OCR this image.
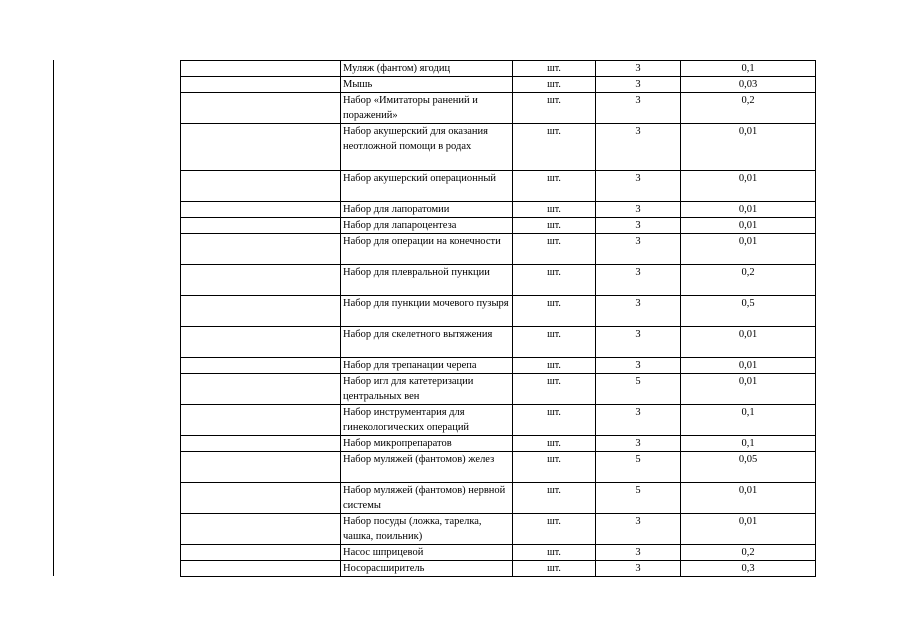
	Муляж (фантом) ягодиц	шт.	3	0,1
	Мышь	шт.	3	0,03
	Набор «Имитаторы ранений и поражений»	шт.	3	0,2
	Набор акушерский для оказания неотложной помощи в родах	шт.	3	0,01
	Набор акушерский операционный	шт.	3	0,01
	Набор для лапоратомии	шт.	3	0,01
	Набор для лапароцентеза	шт.	3	0,01
	Набор для операции на конечности	шт.	3	0,01
	Набор для плевральной пункции	шт.	3	0,2
	Набор для пункции мочевого пузыря	шт.	3	0,5
	Набор для скелетного вытяжения	шт.	3	0,01
	Набор для трепанации черепа	шт.	3	0,01
	Набор игл для катетеризации центральных вен	шт.	5	0,01
	Набор инструментария для гинекологических операций	шт.	3	0,1
	Набор микропрепаратов	шт.	3	0,1
	Набор муляжей (фантомов) желез	шт.	5	0,05
	Набор муляжей (фантомов) нервной системы	шт.	5	0,01
	Набор посуды (ложка, тарелка, чашка, поильник)	шт.	3	0,01
	Насос шприцевой	шт.	3	0,2
	Носорасширитель	шт.	3	0,3
